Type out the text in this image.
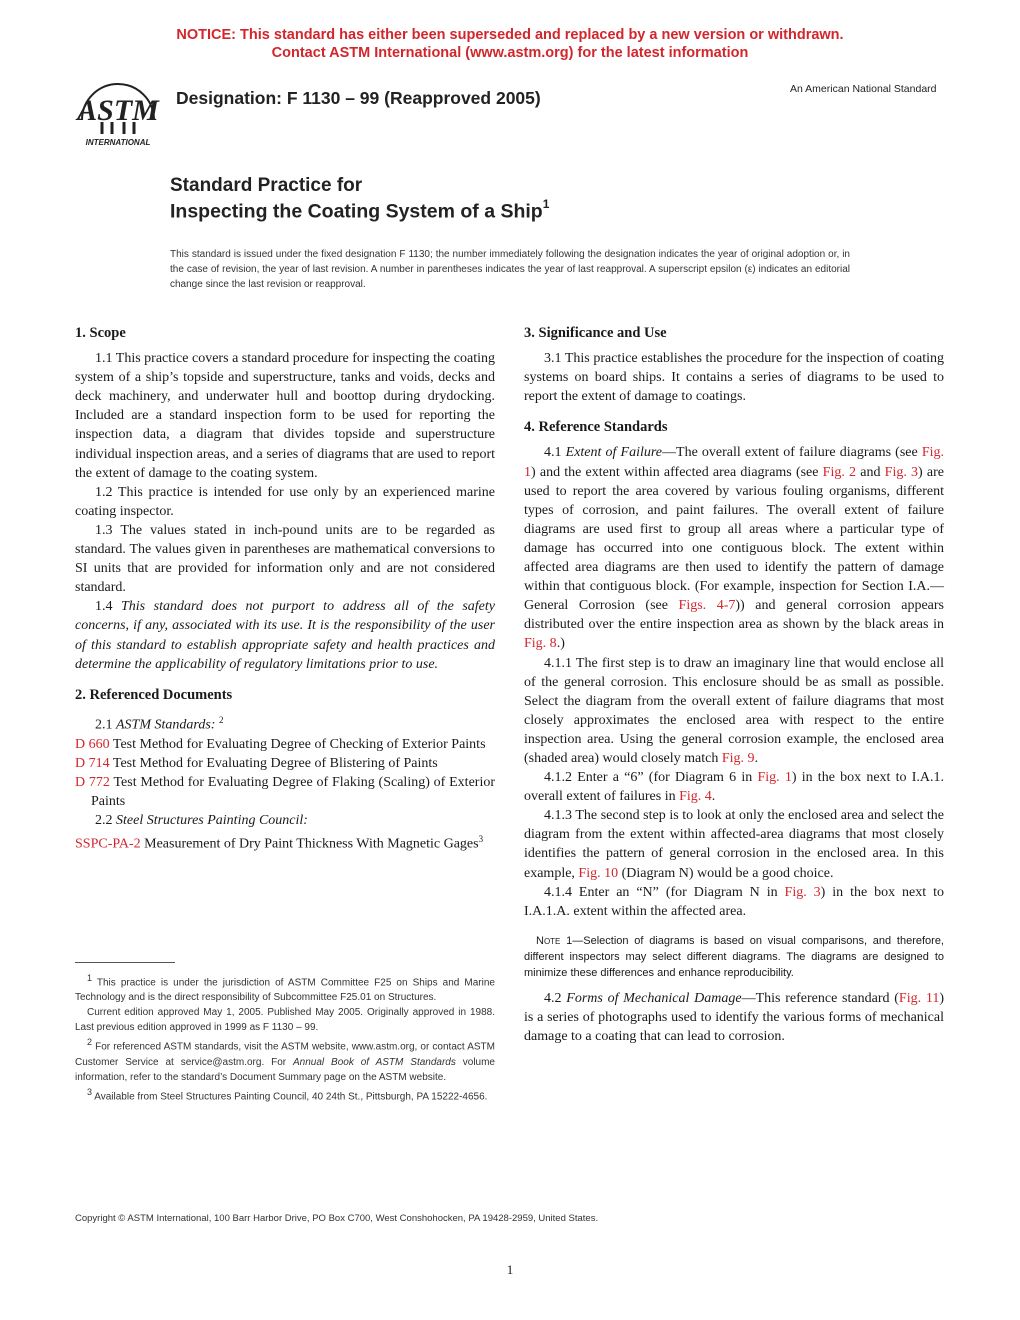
NOTICE: This standard has either been superseded and replaced by a new version or withdrawn.
Contact ASTM International (www.astm.org) for the latest information
ASTM
INTERNATIONAL
Designation: F 1130 – 99 (Reapproved 2005)	An American National Standard
Standard Practice for
Inspecting the Coating System of a Ship$^1$
This standard is issued under the fixed designation F 1130; the number immediately following the designation indicates the year of original adoption or, in the case of revision, the year of last revision. A number in parentheses indicates the year of last reapproval. A superscript epsilon (ε) indicates an editorial change since the last revision or reapproval.
1. Scope

1.1 This practice covers a standard procedure for inspecting the coating system of a ship’s topside and superstructure, tanks and voids, decks and deck machinery, and underwater hull and boottop during drydocking. Included are a standard inspection form to be used for reporting the inspection data, a diagram that divides topside and superstructure individual inspection areas, and a series of diagrams that are used to report the extent of damage to the coating system.

1.2 This practice is intended for use only by an experienced marine coating inspector.

1.3 The values stated in inch-pound units are to be regarded as standard. The values given in parentheses are mathematical conversions to SI units that are provided for information only and are not considered standard.

1.4 This standard does not purport to address all of the safety concerns, if any, associated with its use. It is the responsibility of the user of this standard to establish appropriate safety and health practices and determine the applicability of regulatory limitations prior to use.

2. Referenced Documents

2.1 ASTM Standards: $^2$

D 660 Test Method for Evaluating Degree of Checking of Exterior Paints

D 714 Test Method for Evaluating Degree of Blistering of Paints

D 772 Test Method for Evaluating Degree of Flaking (Scaling) of Exterior Paints

2.2 Steel Structures Painting Council:

SSPC-PA-2 Measurement of Dry Paint Thickness With Magnetic Gages$^3$

$^1$ This practice is under the jurisdiction of ASTM Committee F25 on Ships and Marine Technology and is the direct responsibility of Subcommittee F25.01 on Structures.

Current edition approved May 1, 2005. Published May 2005. Originally approved in 1988. Last previous edition approved in 1999 as F 1130 – 99.

$^2$ For referenced ASTM standards, visit the ASTM website, www.astm.org, or contact ASTM Customer Service at service@astm.org. For Annual Book of ASTM Standards volume information, refer to the standard’s Document Summary page on the ASTM website.

$^3$ Available from Steel Structures Painting Council, 40 24th St., Pittsburgh, PA 15222-4656.

3. Significance and Use

3.1 This practice establishes the procedure for the inspection of coating systems on board ships. It contains a series of diagrams to be used to report the extent of damage to coatings.

4. Reference Standards

4.1 Extent of Failure—The overall extent of failure diagrams (see Fig. 1) and the extent within affected area diagrams (see Fig. 2 and Fig. 3) are used to report the area covered by various fouling organisms, different types of corrosion, and paint failures. The overall extent of failure diagrams are used first to group all areas where a particular type of damage has occurred into one contiguous block. The extent within affected area diagrams are then used to identify the pattern of damage within that contiguous block. (For example, inspection for Section I.A.—General Corrosion (see Figs. 4-7)) and general corrosion appears distributed over the entire inspection area as shown by the black areas in Fig. 8.)

4.1.1 The first step is to draw an imaginary line that would enclose all of the general corrosion. This enclosure should be as small as possible. Select the diagram from the overall extent of failure diagrams that most closely approximates the enclosed area with respect to the entire inspection area. Using the general corrosion example, the enclosed area (shaded area) would closely match Fig. 9.

4.1.2 Enter a “6” (for Diagram 6 in Fig. 1) in the box next to I.A.1. overall extent of failures in Fig. 4.

4.1.3 The second step is to look at only the enclosed area and select the diagram from the extent within affected-area diagrams that most closely identifies the pattern of general corrosion in the enclosed area. In this example, Fig. 10 (Diagram N) would be a good choice.

4.1.4 Enter an “N” (for Diagram N in Fig. 3) in the box next to I.A.1.A. extent within the affected area.

Note 1—Selection of diagrams is based on visual comparisons, and therefore, different inspectors may select different diagrams. The diagrams are designed to minimize these differences and enhance reproducibility.

4.2 Forms of Mechanical Damage—This reference standard (Fig. 11) is a series of photographs used to identify the various forms of mechanical damage to a coating that can lead to corrosion.

Copyright © ASTM International, 100 Barr Harbor Drive, PO Box C700, West Conshohocken, PA 19428-2959, United States.
1
